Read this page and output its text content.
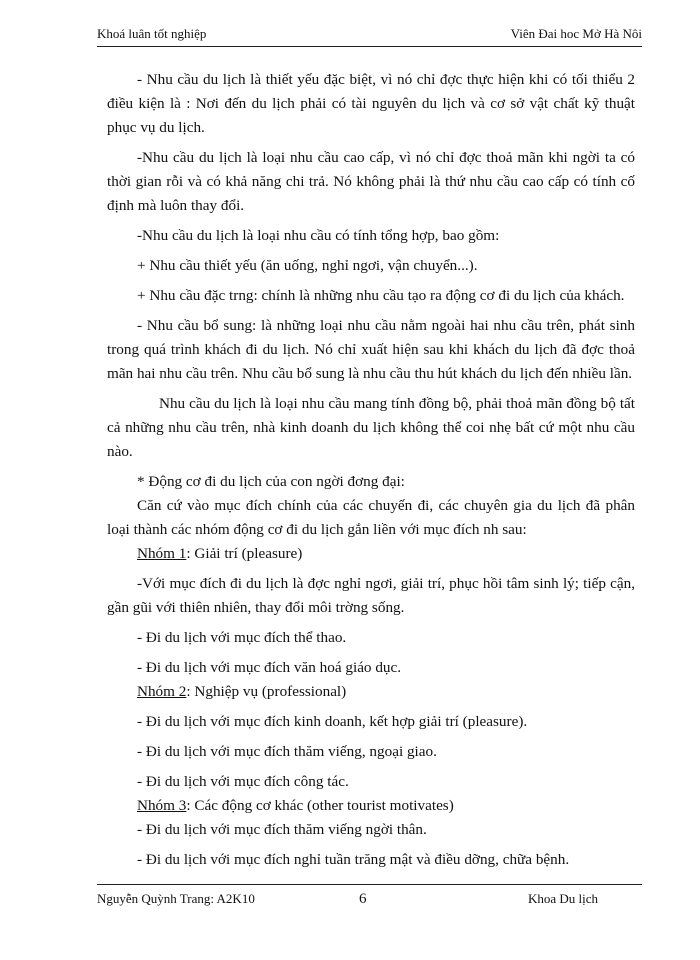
Khoá luân tốt nghiệp	Viên Đai hoc Mở Hà Nôi

- Nhu cầu du lịch là thiết yếu đặc biệt, vì nó chỉ đợc thực hiện khi có tối thiểu 2 điều kiện là : Nơi đến du lịch phải có tài nguyên du lịch và cơ sở vật chất kỹ thuật phục vụ du lịch.

-Nhu cầu du lịch là loại nhu cầu cao cấp, vì nó chỉ đợc thoả mãn khi ngời ta có thời gian rỗi và có khả năng chi trả. Nó không phải là thứ nhu cầu cao cấp có tính cố định mà luôn thay đổi.

-Nhu cầu du lịch là loại nhu cầu có tính tổng hợp, bao gồm:

+ Nhu cầu thiết yếu (ăn uống, nghỉ ngơi, vận chuyển...).

+ Nhu cầu đặc trng: chính là những nhu cầu tạo ra động cơ đi du lịch của khách.

- Nhu cầu bổ sung: là những loại nhu cầu nằm ngoài hai nhu cầu trên, phát sinh trong quá trình khách đi du lịch. Nó chỉ xuất hiện sau khi khách du lịch đã đợc thoả mãn hai nhu cầu trên. Nhu cầu bổ sung là nhu cầu thu hút khách du lịch đến nhiều lần.

Nhu cầu du lịch là loại nhu cầu mang tính đồng bộ, phải thoả mãn đồng bộ tất cả những nhu cầu trên, nhà kinh doanh du lịch không thể coi nhẹ bất cứ một nhu cầu nào.

* Động cơ đi du lịch của con ngời đơng đại:

Căn cứ vào mục đích chính của các chuyến đi, các chuyên gia du lịch đã phân loại thành các nhóm động cơ đi du lịch gắn liền với mục đích nh sau:

Nhóm 1: Giải trí (pleasure)

-Với mục đích đi du lịch là đợc nghỉ ngơi, giải trí, phục hồi tâm sinh lý; tiếp cận, gần gũi với thiên nhiên, thay đổi môi trờng sống.

- Đi du lịch với mục đích thể thao.

- Đi du lịch với mục đích văn hoá giáo dục.

Nhóm 2: Nghiệp vụ (professional)

- Đi du lịch với mục đích kinh doanh, kết hợp giải trí (pleasure).

- Đi du lịch với mục đích thăm viếng, ngoại giao.

- Đi du lịch với mục đích công tác.

Nhóm 3: Các động cơ khác (other tourist motivates)

- Đi du lịch với mục đích thăm viếng ngời thân.

- Đi du lịch với mục đích nghỉ tuần trăng mật và điều dỡng, chữa bệnh.

Nguyễn Quỳnh Trang: A2K10	6	Khoa Du lịch
